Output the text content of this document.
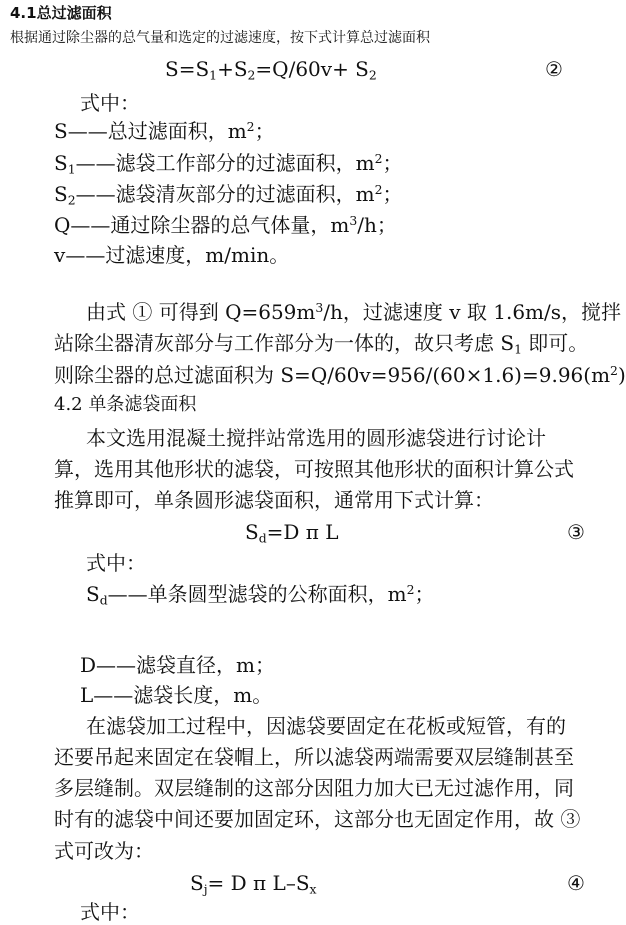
4.1总过滤面积
根据通过除尘器的总气量和选定的过滤速度，按下式计算总过滤面积
$S=S_1+S_2=Q/60v+ S_2$	②
式中：
S——总过滤面积，$m^2$；
$S_1——$滤袋工作部分的过滤面积，$m^2$；
$S_2——$滤袋清灰部分的过滤面积，$m^2$；
Q——通过除尘器的总气体量，$m^3/h$；
v——过滤速度，m/min。
由式 ① 可得到 $Q=659m^3/h$，过滤速度 v 取 1.6m/s，搅拌
站除尘器清灰部分与工作部分为一体的，故只考虑 $S_1$ 即可。
则除尘器的总过滤面积为 $S=Q/60v=956/(60\times 1.6)=9.96(m^2)$
4.2 单条滤袋面积
本文选用混凝土搅拌站常选用的圆形滤袋进行讨论计
算，选用其他形状的滤袋，可按照其他形状的面积计算公式
推算即可，单条圆形滤袋面积，通常用下式计算：
$S_d=D$ π L	③
式中：
$S_d——$单条圆型滤袋的公称面积，$m^2$；
D——滤袋直径，m；
L——滤袋长度，m。
在滤袋加工过程中，因滤袋要固定在花板或短管，有的
还要吊起来固定在袋帽上，所以滤袋两端需要双层缝制甚至
多层缝制。双层缝制的这部分因阻力加大已无过滤作用，同
时有的滤袋中间还要加固定环，这部分也无固定作用，故 ③
式可改为：
$S_j= D$ π $L-S_x$	④
式中：
